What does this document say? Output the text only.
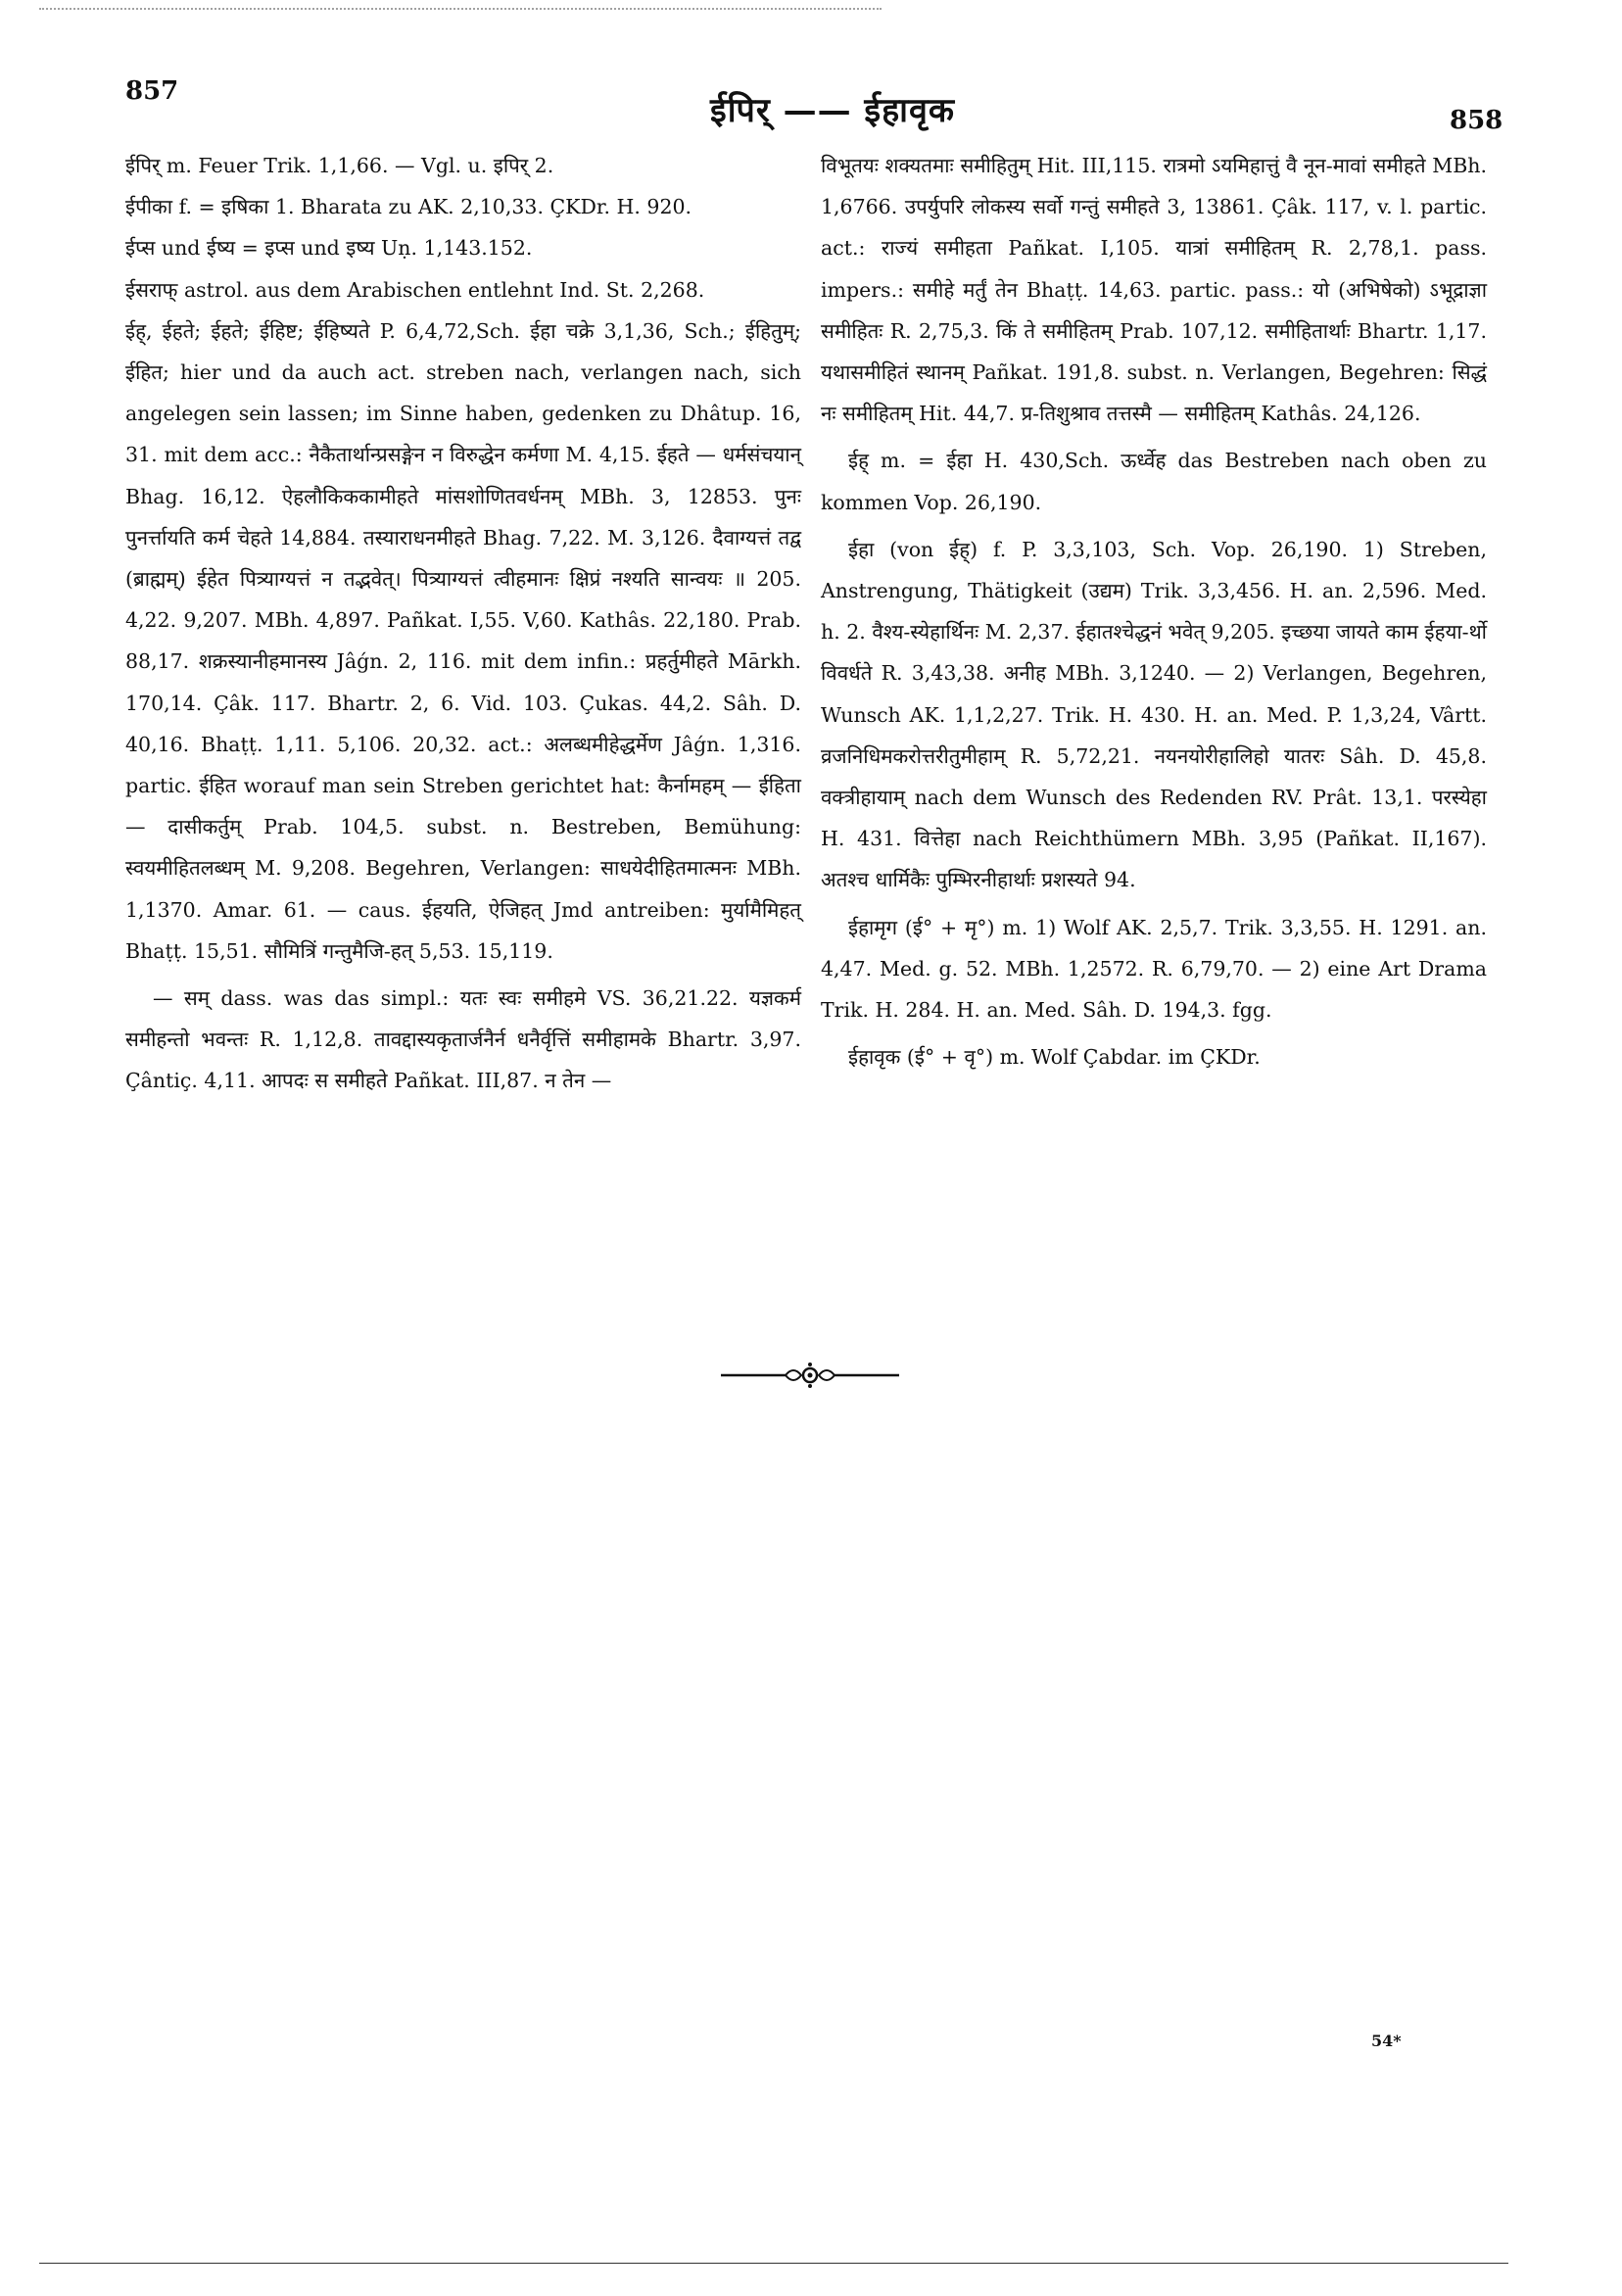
857	ईपिर् —— ईहावृक	858

ईपिर् m. Feuer Trik. 1,1,66. — Vgl. u. इपिर् 2.

ईपीका f. = इषिका 1. Bharata zu AK. 2,10,33. ÇKDr. H. 920.

ईप्स und ईष्य = इप्स und इष्य Uṇ. 1,143.152.

ईसराफ् astrol. aus dem Arabischen entlehnt Ind. St. 2,268.

ईह्, ईहते; ईहते; ईहिष्ट; ईहिष्यते P. 6,4,72,Sch. ईहा चक्रे 3,1,36, Sch.; ईहितुम्; ईहित; hier und da auch act. streben nach, verlangen nach, sich angelegen sein lassen; im Sinne haben, gedenken zu Dhâtup. 16, 31. mit dem acc.: नैकैतार्थान्प्रसङ्गेन न विरुद्धेन कर्मणा M. 4,15. ईहते — धर्मसंचयान् Bhag. 16,12. ऐहलौकिककामीहते मांसशोणितवर्धनम् MBh. 3, 12853. पुनः पुनर्त्तायति कर्म चेहते 14,884. तस्याराधनमीहते Bhag. 7,22. M. 3,126. दैवाग्यत्तं तद्व (ब्राह्मम्) ईहेत पित्र्याग्यत्तं न तद्भवेत्। पित्र्याग्यत्तं त्वीहमानः क्षिप्रं नश्यति सान्वयः ॥ 205. 4,22. 9,207. MBh. 4,897. Pañkat. I,55. V,60. Kathâs. 22,180. Prab. 88,17. शक्रस्यानीहमानस्य Jâǵn. 2, 116. mit dem infin.: प्रहर्तुमीहते Mārkh. 170,14. Çâk. 117. Bhartr. 2, 6. Vid. 103. Çukas. 44,2. Sâh. D. 40,16. Bhaṭṭ. 1,11. 5,106. 20,32. act.: अलब्धमीहेद्धर्मेण Jâǵn. 1,316. partic. ईहित worauf man sein Streben gerichtet hat: कैर्नामहम् — ईहिता — दासीकर्तुम् Prab. 104,5. subst. n. Bestreben, Bemühung: स्वयमीहितलब्धम् M. 9,208. Begehren, Verlangen: साधयेदीहितमात्मनः MBh. 1,1370. Amar. 61. — caus. ईहयति, ऐजिहत् Jmd antreiben: मुर्यामैमिहत् Bhaṭṭ. 15,51. सौमित्रिं गन्तुमैजि-हत् 5,53. 15,119.

— सम् dass. was das simpl.: यतः स्वः समीहमे VS. 36,21.22. यज्ञकर्म समीहन्तो भवन्तः R. 1,12,8. तावद्दास्यकृतार्जनैर्न धनैर्वृत्तिं समीहामके Bhartr. 3,97. Çântiç. 4,11. आपदः स समीहते Pañkat. III,87. न तेन —

विभूतयः शक्यतमाः समीहितुम् Hit. III,115. रात्रमो ऽयमिहात्तुं वै नून-मावां समीहते MBh. 1,6766. उपर्युपरि लोकस्य सर्वो गन्तुं समीहते 3, 13861. Çâk. 117, v. l. partic. act.: राज्यं समीहता Pañkat. I,105. यात्रां समीहितम् R. 2,78,1. pass. impers.: समीहे मर्तुं तेन Bhaṭṭ. 14,63. partic. pass.: यो (अभिषेको) ऽभूद्राज्ञा समीहितः R. 2,75,3. किं ते समीहितम् Prab. 107,12. समीहितार्थाः Bhartr. 1,17. यथासमीहितं स्थानम् Pañkat. 191,8. subst. n. Verlangen, Begehren: सिद्धं नः समीहितम् Hit. 44,7. प्र-तिशुश्राव तत्तस्मै — समीहितम् Kathâs. 24,126.

ईह् m. = ईहा H. 430,Sch. ऊर्ध्वेह das Bestreben nach oben zu kommen Vop. 26,190.

ईहा (von ईह्) f. P. 3,3,103, Sch. Vop. 26,190. 1) Streben, Anstrengung, Thätigkeit (उद्यम) Trik. 3,3,456. H. an. 2,596. Med. h. 2. वैश्य-स्येहार्थिनः M. 2,37. ईहातश्चेद्धनं भवेत् 9,205. इच्छया जायते काम ईहया-र्थो विवर्धते R. 3,43,38. अनीह MBh. 3,1240. — 2) Verlangen, Begehren, Wunsch AK. 1,1,2,27. Trik. H. 430. H. an. Med. P. 1,3,24, Vârtt. व्रजनिधिमकरोत्तरीतुमीहाम् R. 5,72,21. नयनयोरीहालिहो यातरः Sâh. D. 45,8. वक्त्रीहायाम् nach dem Wunsch des Redenden RV. Prât. 13,1. परस्येहा H. 431. वित्तेहा nach Reichthümern MBh. 3,95 (Pañkat. II,167). अतश्च धार्मिकैः पुम्भिरनीहार्थाः प्रशस्यते 94.

ईहामृग (ई° + मृ°) m. 1) Wolf AK. 2,5,7. Trik. 3,3,55. H. 1291. an. 4,47. Med. g. 52. MBh. 1,2572. R. 6,79,70. — 2) eine Art Drama Trik. H. 284. H. an. Med. Sâh. D. 194,3. fgg.

ईहावृक (ई° + वृ°) m. Wolf Çabdar. im ÇKDr.

54*
